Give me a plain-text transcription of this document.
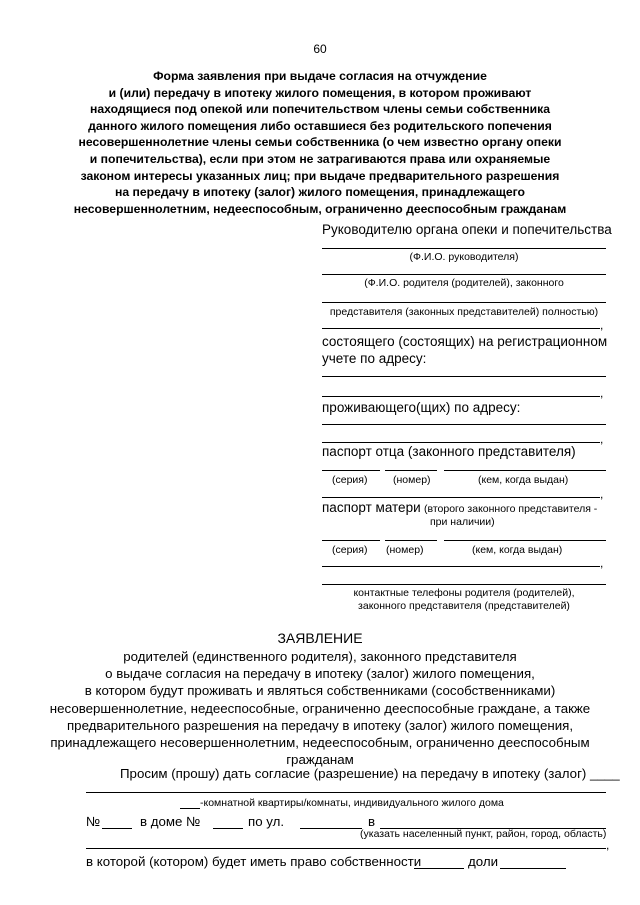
60
Форма заявления при выдаче согласия на отчуждение
и (или) передачу в ипотеку жилого помещения, в котором проживают
находящиеся под опекой или попечительством члены семьи собственника
данного жилого помещения либо оставшиеся без родительского попечения
несовершеннолетние члены семьи собственника (о чем известно органу опеки
и попечительства), если при этом не затрагиваются права или охраняемые
законом интересы указанных лиц; при выдаче предварительного разрешения
на передачу в ипотеку (залог) жилого помещения, принадлежащего
несовершеннолетним, недееспособным, ограниченно дееспособным гражданам
Руководителю органа опеки и попечительства
(Ф.И.О. руководителя)
(Ф.И.О. родителя (родителей), законного
представителя (законных представителей) полностью)
,
состоящего (состоящих) на регистрационном
учете по адресу:
,
проживающего(щих) по адресу:
,
паспорт отца (законного представителя)
(серия) (номер)	(кем, когда выдан)
,
паспорт матери (второго законного представителя -
при наличии)
(серия) (номер)	(кем, когда выдан)
,
контактные телефоны родителя (родителей),
законного представителя (представителей)
ЗАЯВЛЕНИЕ
родителей (единственного родителя), законного представителя
о выдаче согласия на передачу в ипотеку (залог) жилого помещения,
в котором будут проживать и являться собственниками (сособственниками)
несовершеннолетние, недееспособные, ограниченно дееспособные граждане, а также
предварительного разрешения на передачу в ипотеку (залог) жилого помещения,
принадлежащего несовершеннолетним, недееспособным, ограниченно дееспособным
гражданам
Просим (прошу) дать согласие (разрешение) на передачу в ипотеку (залог) ____
-комнатной квартиры/комнаты, индивидуального жилого дома
№	в доме №	по ул.	в
(указать населенный пункт, район, город, область)
,
в которой (котором) будет иметь право собственности	доли
